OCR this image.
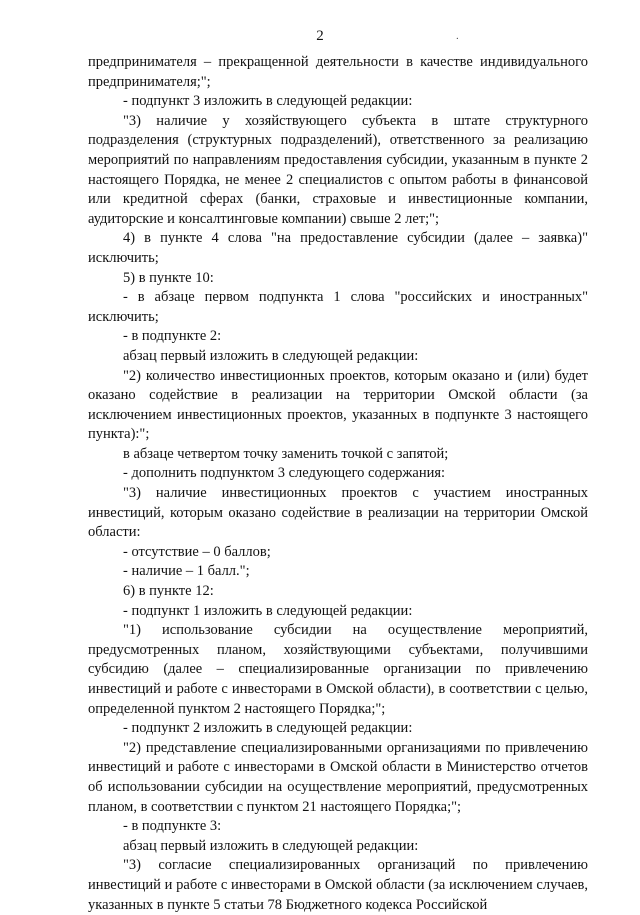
2	.

предпринимателя – прекращенной деятельности в качестве индивидуального предпринимателя;";

- подпункт 3 изложить в следующей редакции:

"3) наличие у хозяйствующего субъекта в штате структурного подразделения (структурных подразделений), ответственного за реализацию мероприятий по направлениям предоставления субсидии, указанным в пункте 2 настоящего Порядка, не менее 2 специалистов с опытом работы в финансовой или кредитной сферах (банки, страховые и инвестиционные компании, аудиторские и консалтинговые компании) свыше 2 лет;";

4) в пункте 4 слова "на предоставление субсидии (далее – заявка)" исключить;

5) в пункте 10:

- в абзаце первом подпункта 1 слова "российских и иностранных" исключить;

- в подпункте 2:

абзац первый изложить в следующей редакции:

"2) количество инвестиционных проектов, которым оказано и (или) будет оказано содействие в реализации на территории Омской области (за исключением инвестиционных проектов, указанных в подпункте 3 настоящего пункта):";

в абзаце четвертом точку заменить точкой с запятой;

- дополнить подпунктом 3 следующего содержания:

"3) наличие инвестиционных проектов с участием иностранных инвестиций, которым оказано содействие в реализации на территории Омской области:

- отсутствие – 0 баллов;

- наличие – 1 балл.";

6) в пункте 12:

- подпункт 1 изложить в следующей редакции:

"1) использование субсидии на осуществление мероприятий, предусмотренных планом, хозяйствующими субъектами, получившими субсидию (далее – специализированные организации по привлечению инвестиций и работе с инвесторами в Омской области), в соответствии с целью, определенной пунктом 2 настоящего Порядка;";

- подпункт 2 изложить в следующей редакции:

"2) представление специализированными организациями по привлечению инвестиций и работе с инвесторами в Омской области в Министерство отчетов об использовании субсидии на осуществление мероприятий, предусмотренных планом, в соответствии с пунктом 21 настоящего Порядка;";

- в подпункте 3:

абзац первый изложить в следующей редакции:

"3) согласие специализированных организаций по привлечению инвестиций и работе с инвесторами в Омской области (за исключением случаев, указанных в пункте 5 статьи 78 Бюджетного кодекса Российской
